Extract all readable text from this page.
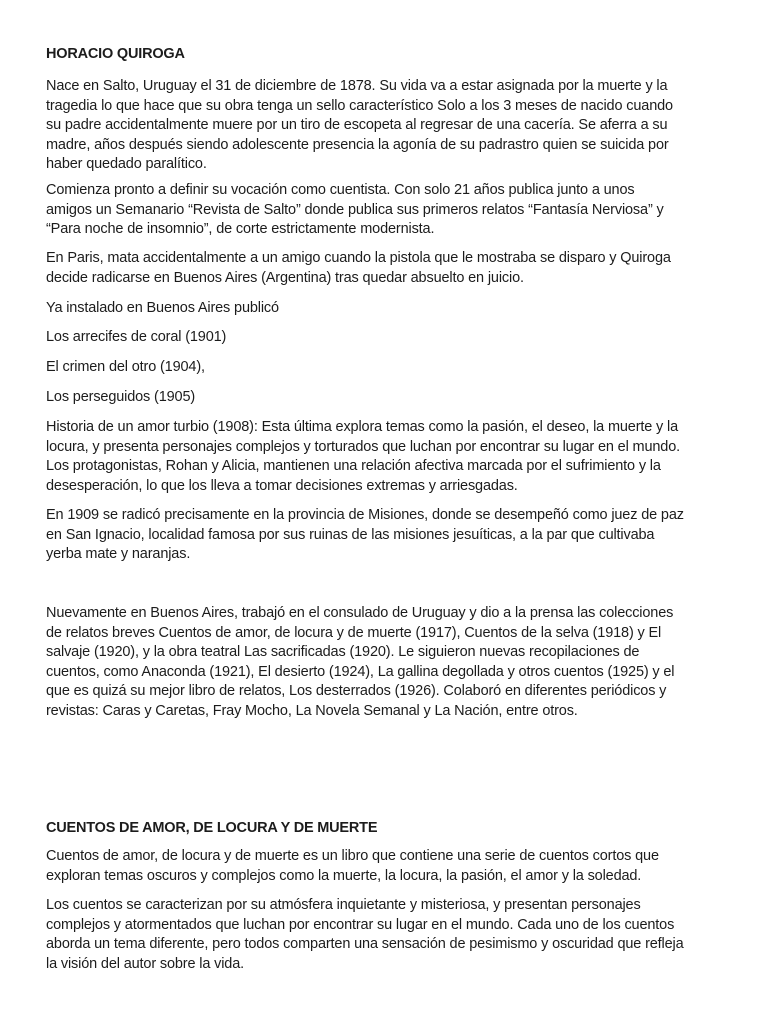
HORACIO QUIROGA
Nace en Salto, Uruguay el 31 de diciembre de 1878. Su vida va a estar asignada por la muerte y la
tragedia lo que hace que su obra tenga un sello característico Solo a los 3 meses de nacido cuando
su padre accidentalmente muere por un tiro de escopeta al regresar de una cacería. Se aferra a su
madre, años después siendo adolescente presencia la agonía de su padrastro quien se suicida por
haber quedado paralítico.
Comienza pronto a definir su vocación como cuentista. Con solo 21 años publica junto a unos
amigos un Semanario “Revista de Salto” donde publica sus primeros relatos “Fantasía Nerviosa” y
“Para noche de insomnio”, de corte estrictamente modernista.
En Paris, mata accidentalmente a un amigo cuando la pistola que le mostraba se disparo y Quiroga
decide radicarse en Buenos Aires (Argentina) tras quedar absuelto en juicio.
Ya instalado en Buenos Aires publicó
Los arrecifes de coral (1901)
El crimen del otro (1904),
Los perseguidos (1905)
Historia de un amor turbio (1908): Esta última explora temas como la pasión, el deseo, la muerte y la
locura, y presenta personajes complejos y torturados que luchan por encontrar su lugar en el mundo.
Los protagonistas, Rohan y Alicia, mantienen una relación afectiva marcada por el sufrimiento y la
desesperación, lo que los lleva a tomar decisiones extremas y arriesgadas.
En 1909 se radicó precisamente en la provincia de Misiones, donde se desempeñó como juez de paz
en San Ignacio, localidad famosa por sus ruinas de las misiones jesuíticas, a la par que cultivaba
yerba mate y naranjas.
Nuevamente en Buenos Aires, trabajó en el consulado de Uruguay y dio a la prensa las colecciones
de relatos breves Cuentos de amor, de locura y de muerte (1917), Cuentos de la selva (1918) y El
salvaje (1920), y la obra teatral Las sacrificadas (1920). Le siguieron nuevas recopilaciones de
cuentos, como Anaconda (1921), El desierto (1924), La gallina degollada y otros cuentos (1925) y el
que es quizá su mejor libro de relatos, Los desterrados (1926). Colaboró en diferentes periódicos y
revistas: Caras y Caretas, Fray Mocho, La Novela Semanal y La Nación, entre otros.
CUENTOS DE AMOR, DE LOCURA Y DE MUERTE
Cuentos de amor, de locura y de muerte es un libro que contiene una serie de cuentos cortos que
exploran temas oscuros y complejos como la muerte, la locura, la pasión, el amor y la soledad.
Los cuentos se caracterizan por su atmósfera inquietante y misteriosa, y presentan personajes
complejos y atormentados que luchan por encontrar su lugar en el mundo. Cada uno de los cuentos
aborda un tema diferente, pero todos comparten una sensación de pesimismo y oscuridad que refleja
la visión del autor sobre la vida.
